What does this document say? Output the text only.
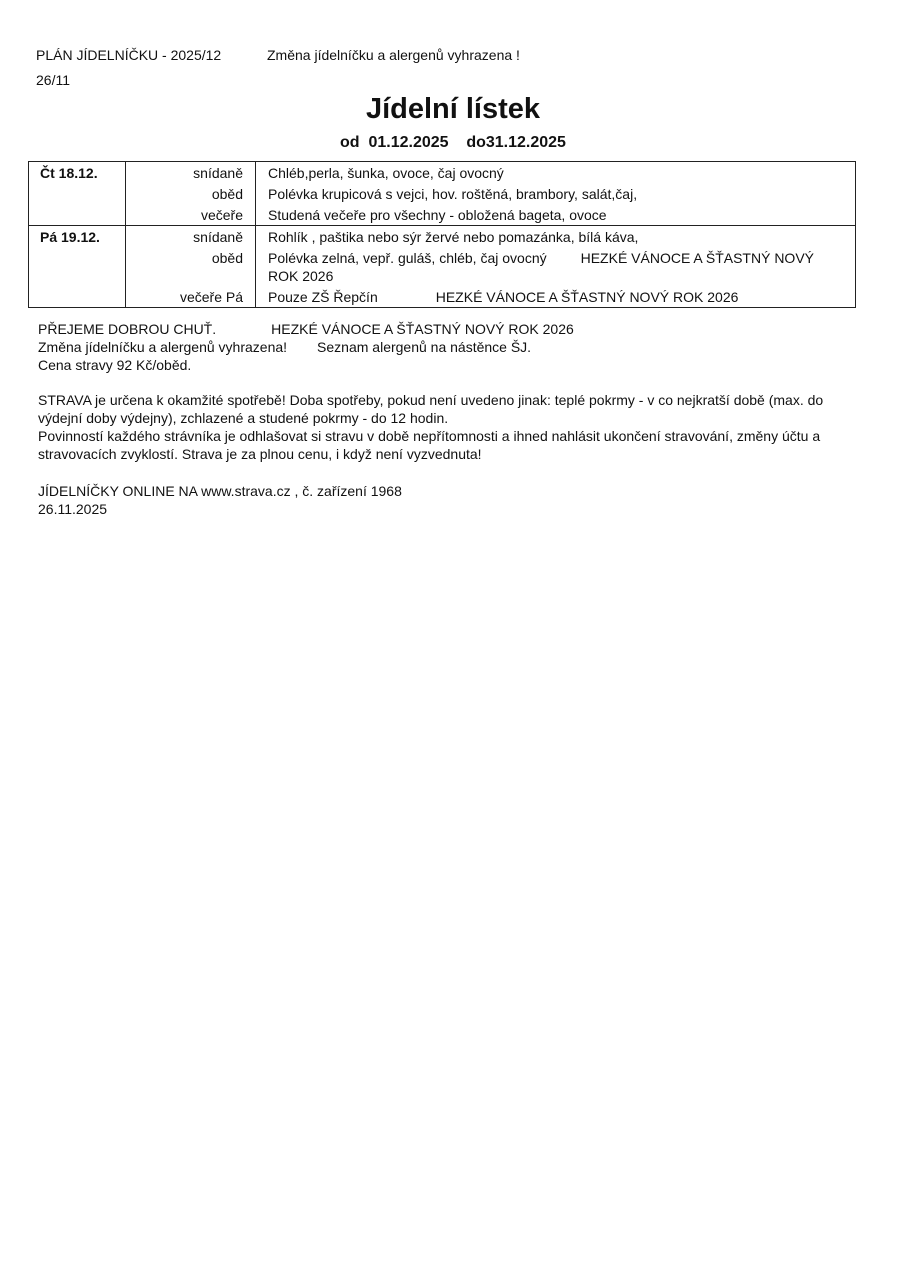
PLÁN JÍDELNÍČKU - 2025/12	Změna jídelníčku a alergenů vyhrazena !
26/11
Jídelní lístek
od 01.12.2025 do31.12.2025
Čt 18.12.	snídaně	Chléb,perla, šunka, ovoce, čaj ovocný
	oběd	Polévka krupicová s vejci, hov. roštěná, brambory, salát,čaj,
	večeře	Studená večeře pro všechny - obložená bageta, ovoce
Pá 19.12.	snídaně	Rohlík , paštika nebo sýr žervé nebo pomazánka, bílá káva,
	oběd	Polévka zelná, vepř. guláš, chléb, čaj ovocný HEZKÉ VÁNOCE A ŠŤASTNÝ NOVÝ ROK 2026
	večeře Pá	Pouze ZŠ Řepčín HEZKÉ VÁNOCE A ŠŤASTNÝ NOVÝ ROK 2026
PŘEJEME DOBROU CHUŤ.	HEZKÉ VÁNOCE A ŠŤASTNÝ NOVÝ ROK 2026
Změna jídelníčku a alergenů vyhrazena! Seznam alergenů na nástěnce ŠJ.
Cena stravy 92 Kč/oběd.
STRAVA je určena k okamžité spotřebě! Doba spotřeby, pokud není uvedeno jinak: teplé pokrmy - v co nejkratší době (max. do výdejní doby výdejny), zchlazené a studené pokrmy - do 12 hodin.
Povinností každého strávníka je odhlašovat si stravu v době nepřítomnosti a ihned nahlásit ukončení stravování, změny účtu a stravovacích zvyklostí. Strava je za plnou cenu, i když není vyzvednuta!
JÍDELNÍČKY ONLINE NA www.strava.cz , č. zařízení 1968
26.11.2025
